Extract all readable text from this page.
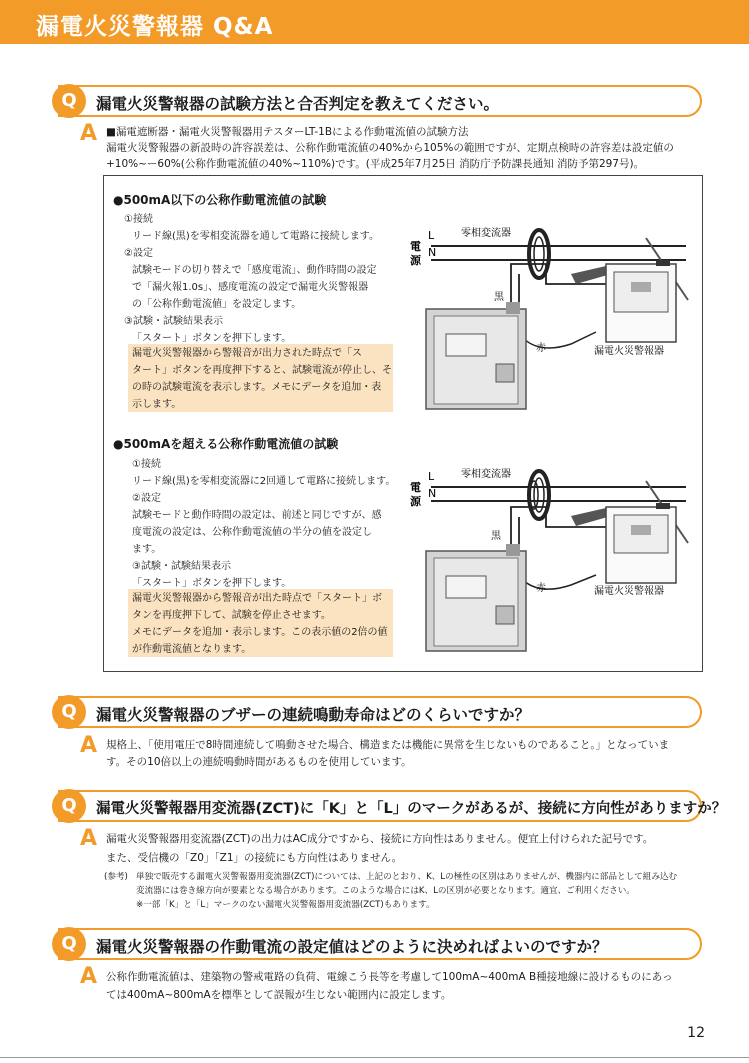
漏電火災警報器 Q&A
Q	漏電火災警報器の試験方法と合否判定を教えてください。
A ■漏電遮断器・漏電火災警報器用テスターLT-1Bによる作動電流値の試験方法
漏電火災警報器の新設時の許容誤差は、公称作動電流値の40%から105%の範囲ですが、定期点検時の許容差は設定値の
+10%~ー60%(公称作動電流値の40%~110%)です。(平成25年7月25日 消防庁予防課長通知 消防予第297号)。
●500mA以下の公称作動電流値の試験
①接続
リード線(黒)を零相変流器を通して電路に接続します。
②設定
試験モードの切り替えで「感度電流」、動作時間の設定
で「漏火報1.0s」、感度電流の設定で漏電火災警報器
の「公称作動電流値」を設定します。
③試験・試験結果表示
「スタート」ボタンを押下します。
漏電火災警報器から警報音が出力された時点で「ス
タート」ボタンを再度押下すると、試験電流が停止し、そ
の時の試験電流を表示します。メモにデータを追加・表
示します。
L
N
電
源
零相変流器
黒
赤	漏電火災警報器
●500mAを超える公称作動電流値の試験
①接続
リード線(黒)を零相変流器に2回通して電路に接続します。
②設定
試験モードと動作時間の設定は、前述と同じですが、感
度電流の設定は、公称作動電流値の半分の値を設定し
ます。
③試験・試験結果表示
「スタート」ボタンを押下します。
漏電火災警報器から警報音が出た時点で「スタート」ボ
タンを再度押下して、試験を停止させます。
メモにデータを追加・表示します。この表示値の2倍の値
が作動電流値となります。
L
N
電
源
零相変流器
黒
赤	漏電火災警報器
Q	漏電火災警報器のブザーの連続鳴動寿命はどのくらいですか？
A 規格上、「使用電圧で8時間連続して鳴動させた場合、構造または機能に異常を生じないものであること。」となっていま
す。その10倍以上の連続鳴動時間があるものを使用しています。
Q	漏電火災警報器用変流器(ZCT)に「K」と「L」のマークがあるが、接続に方向性がありますか？
A 漏電火災警報器用変流器(ZCT)の出力はAC成分ですから、接続に方向性はありません。便宜上付けられた記号です。
また、受信機の「Z0」「Z1」の接続にも方向性はありません。
(参考) 単独で販売する漏電火災警報器用変流器(ZCT)については、上記のとおり、K、Lの極性の区別はありませんが、機器内に部品として組み込む
変流器には巻き線方向が要素となる場合があります。このような場合にはK、Lの区別が必要となります。適宜、ご利用ください。
※一部「K」と「L」マークのない漏電火災警報器用変流器(ZCT)もあります。
Q	漏電火災警報器の作動電流の設定値はどのように決めればよいのですか？
A 公称作動電流値は、建築物の警戒電路の負荷、電線こう長等を考慮して100mA~400mA B種接地線に設けるものにあっ
ては400mA~800mAを標準として誤報が生じない範囲内に設定します。
12
